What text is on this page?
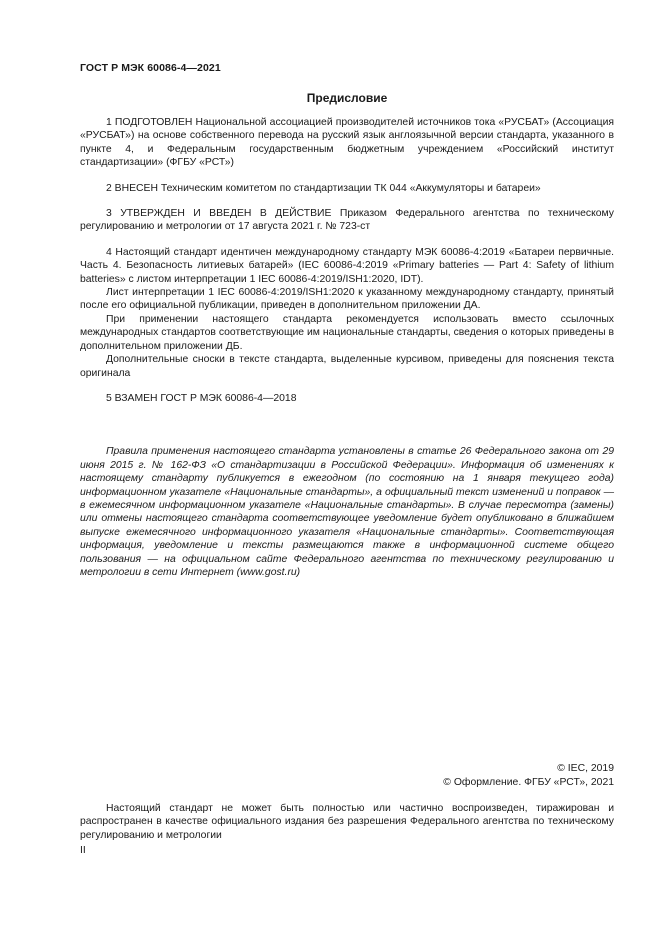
ГОСТ Р МЭК 60086-4—2021
Предисловие

1 ПОДГОТОВЛЕН Национальной ассоциацией производителей источников тока «РУСБАТ» (Ассоциация «РУСБАТ») на основе собственного перевода на русский язык англоязычной версии стандарта, указанного в пункте 4, и Федеральным государственным бюджетным учреждением «Российский институт стандартизации» (ФГБУ «РСТ»)

2 ВНЕСЕН Техническим комитетом по стандартизации ТК 044 «Аккумуляторы и батареи»

3 УТВЕРЖДЕН И ВВЕДЕН В ДЕЙСТВИЕ Приказом Федерального агентства по техническому регулированию и метрологии от 17 августа 2021 г. № 723-ст

4 Настоящий стандарт идентичен международному стандарту МЭК 60086-4:2019 «Батареи первичные. Часть 4. Безопасность литиевых батарей» (IEC 60086-4:2019 «Primary batteries — Part 4: Safety of lithium batteries» с листом интерпретации 1 IEC 60086-4:2019/ISH1:2020, IDT).

Лист интерпретации 1 IEC 60086-4:2019/ISH1:2020 к указанному международному стандарту, принятый после его официальной публикации, приведен в дополнительном приложении ДА.

При применении настоящего стандарта рекомендуется использовать вместо ссылочных международных стандартов соответствующие им национальные стандарты, сведения о которых приведены в дополнительном приложении ДБ.

Дополнительные сноски в тексте стандарта, выделенные курсивом, приведены для пояснения текста оригинала

5 ВЗАМЕН ГОСТ Р МЭК 60086-4—2018

Правила применения настоящего стандарта установлены в статье 26 Федерального закона от 29 июня 2015 г. № 162-ФЗ «О стандартизации в Российской Федерации». Информация об изменениях к настоящему стандарту публикуется в ежегодном (по состоянию на 1 января текущего года) информационном указателе «Национальные стандарты», а официальный текст изменений и поправок — в ежемесячном информационном указателе «Национальные стандарты». В случае пересмотра (замены) или отмены настоящего стандарта соответствующее уведомление будет опубликовано в ближайшем выпуске ежемесячного информационного указателя «Национальные стандарты». Соответствующая информация, уведомление и тексты размещаются также в информационной системе общего пользования — на официальном сайте Федерального агентства по техническому регулированию и метрологии в сети Интернет (www.gost.ru)

© IEC, 2019
© Оформление. ФГБУ «РСТ», 2021

Настоящий стандарт не может быть полностью или частично воспроизведен, тиражирован и распространен в качестве официального издания без разрешения Федерального агентства по техническому регулированию и метрологии

II
